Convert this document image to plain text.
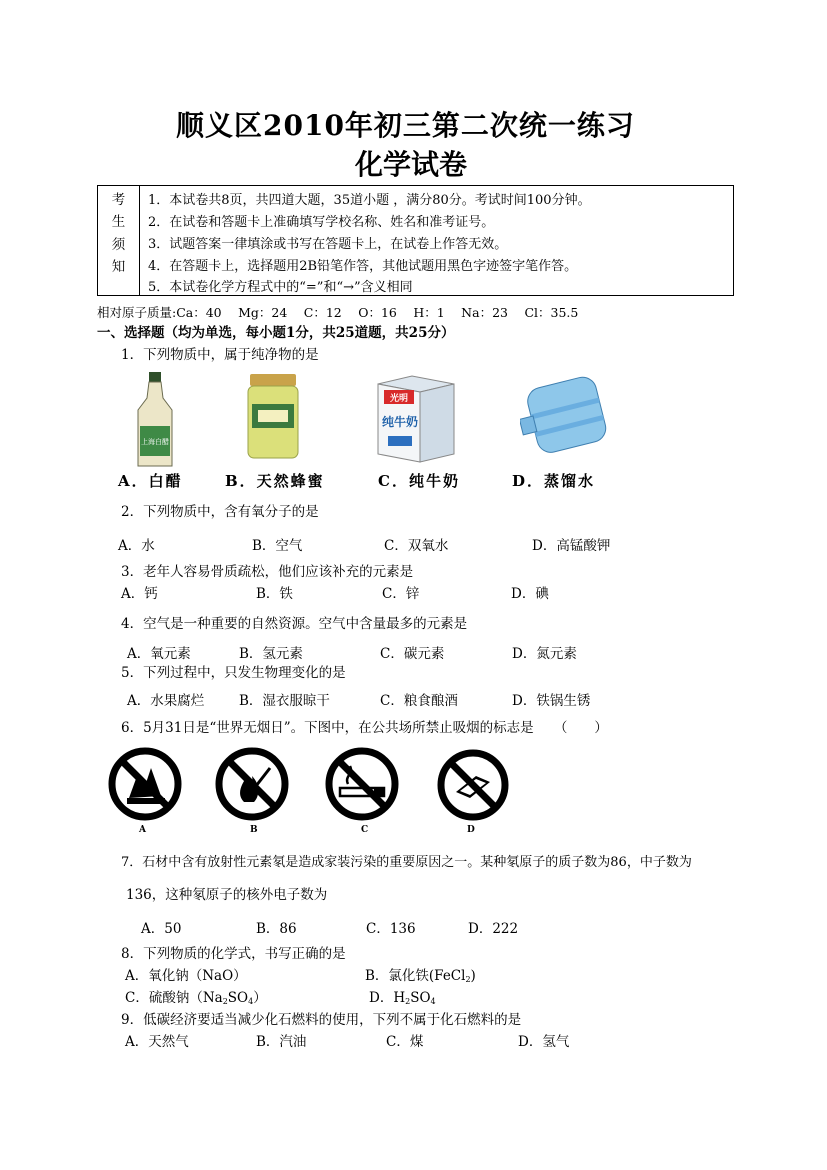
顺义区2010年初三第二次统一练习
化学试卷
考
生
须
知
1．本试卷共8页，共四道大题，35道小题 ，满分80分。考试时间100分钟。
2．在试卷和答题卡上准确填写学校名称、姓名和准考证号。
3．试题答案一律填涂或书写在答题卡上，在试卷上作答无效。
4．在答题卡上，选择题用2B铅笔作答，其他试题用黑色字迹签字笔作答。
5．本试卷化学方程式中的“=”和“→”含义相同
相对原子质量:Ca：40　 Mg：24　 C：12　 O：16　 H：1　 Na：23　 Cl：35.5
一、选择题（均为单选，每小题1分，共25道题，共25分）
1．下列物质中，属于纯净物的是
上海白醋
光明
纯牛奶
A．白醋	B．天然蜂蜜	C．纯牛奶	D．蒸馏水
2．下列物质中，含有氧分子的是
A．水	B．空气	C．双氧水	D．高锰酸钾
3．老年人容易骨质疏松，他们应该补充的元素是
A．钙	B．铁	C．锌	D．碘
4．空气是一种重要的自然资源。空气中含量最多的元素是
A．氧元素	B．氢元素	C．碳元素	D．氮元素
5．下列过程中，只发生物理变化的是
A．水果腐烂	B．湿衣服晾干	C．粮食酿酒	D．铁锅生锈
6．5月31日是“世界无烟日”。下图中，在公共场所禁止吸烟的标志是　　（　　）
A	B	C	D
7．石材中含有放射性元素氡是造成家装污染的重要原因之一。某种氡原子的质子数为86，中子数为
136，这种氡原子的核外电子数为
A．50	B．86	C．136	D．222
8．下列物质的化学式，书写正确的是
A．氧化钠（NaO）	B．氯化铁(FeCl$_2$)
C．硫酸钠$(Na_2SO_4)$	D．$H_2SO_4$
9．低碳经济要适当减少化石燃料的使用，下列不属于化石燃料的是
A．天然气	B．汽油	C．煤	D．氢气
